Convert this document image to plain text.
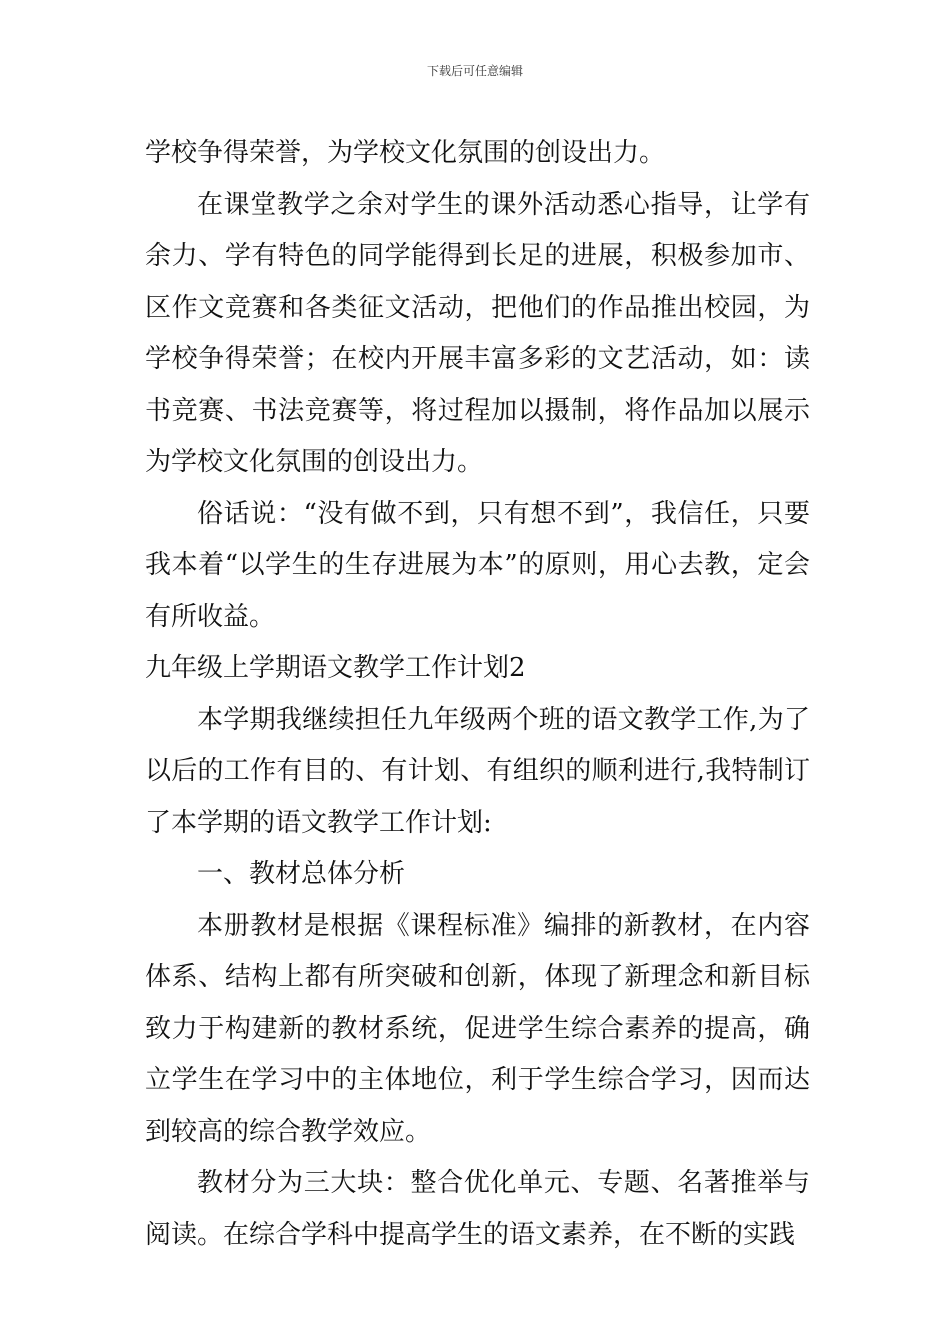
下载后可任意编辑

学校争得荣誉，为学校文化氛围的创设出力。

在课堂教学之余对学生的课外活动悉心指导，让学有余力、学有特色的同学能得到长足的进展，积极参加市、区作文竞赛和各类征文活动，把他们的作品推出校园，为学校争得荣誉；在校内开展丰富多彩的文艺活动，如：读书竞赛、书法竞赛等，将过程加以摄制，将作品加以展示为学校文化氛围的创设出力。

俗话说：“没有做不到，只有想不到”，我信任，只要我本着“以学生的生存进展为本”的原则，用心去教，定会有所收益。

九年级上学期语文教学工作计划2

本学期我继续担任九年级两个班的语文教学工作,为了以后的工作有目的、有计划、有组织的顺利进行,我特制订了本学期的语文教学工作计划:

一、教材总体分析

本册教材是根据《课程标准》编排的新教材，在内容体系、结构上都有所突破和创新，体现了新理念和新目标致力于构建新的教材系统，促进学生综合素养的提高，确立学生在学习中的主体地位，利于学生综合学习，因而达到较高的综合教学效应。

教材分为三大块：整合优化单元、专题、名著推举与阅读。在综合学科中提高学生的语文素养，在不断的实践
